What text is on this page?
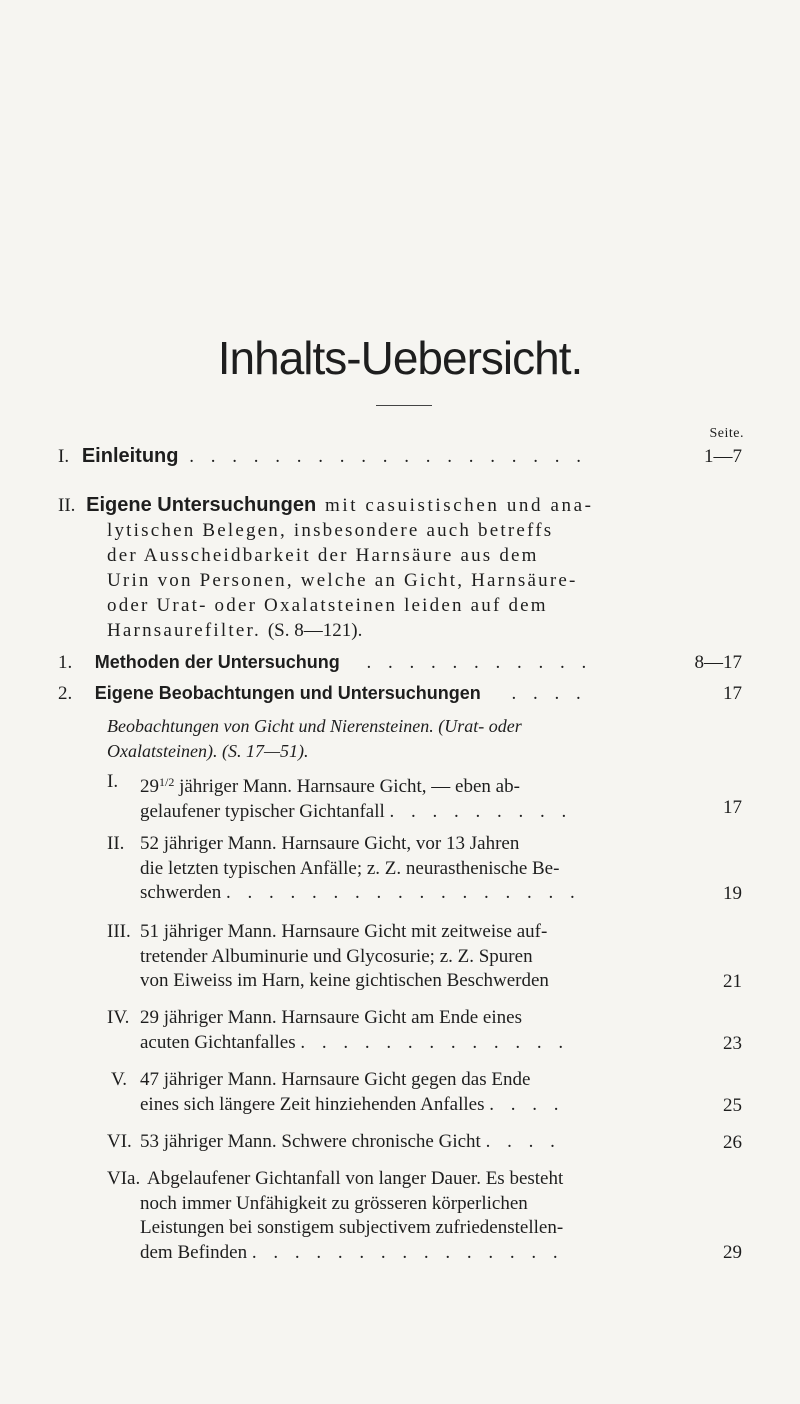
Inhalts-Uebersicht.
Seite.
I. Einleitung . . . . . . . . . . . . . . . . . . .	1—7
II. Eigene Untersuchungen mit casuistischen und ana-
lytischen Belegen, insbesondere auch betreffs
der Ausscheidbarkeit der Harnsäure aus dem
Urin von Personen, welche an Gicht, Harnsäure-
oder Urat- oder Oxalatsteinen leiden auf dem
Harnsaurefilter. (S. 8—121).
1. Methoden der Untersuchung . . . . . . . . . . .	8—17
2. Eigene Beobachtungen und Untersuchungen . . . .	17
Beobachtungen von Gicht und Nierensteinen. (Urat- oder
Oxalatsteinen). (S. 17—51).
I. $29^{1/2}$ jähriger Mann. Harnsaure Gicht, — eben ab-
gelaufener typischer Gichtanfall . . . . . . . . .	17
II. 52 jähriger Mann. Harnsaure Gicht, vor 13 Jahren
die letzten typischen Anfälle; z. Z. neurasthenische Be-
schwerden . . . . . . . . . . . . . . . . .	19
III. 51 jähriger Mann. Harnsaure Gicht mit zeitweise auf-
tretender Albuminurie und Glycosurie; z. Z. Spuren
von Eiweiss im Harn, keine gichtischen Beschwerden	21
IV. 29 jähriger Mann. Harnsaure Gicht am Ende eines
acuten Gichtanfalles . . . . . . . . . . . . .	23
V. 47 jähriger Mann. Harnsaure Gicht gegen das Ende
eines sich längere Zeit hinziehenden Anfalles . . . .	25
VI. 53 jähriger Mann. Schwere chronische Gicht . . . .	26
VIa. Abgelaufener Gichtanfall von langer Dauer. Es besteht
noch immer Unfähigkeit zu grösseren körperlichen
Leistungen bei sonstigem subjectivem zufriedenstellen-
dem Befinden . . . . . . . . . . . . . . .	29
